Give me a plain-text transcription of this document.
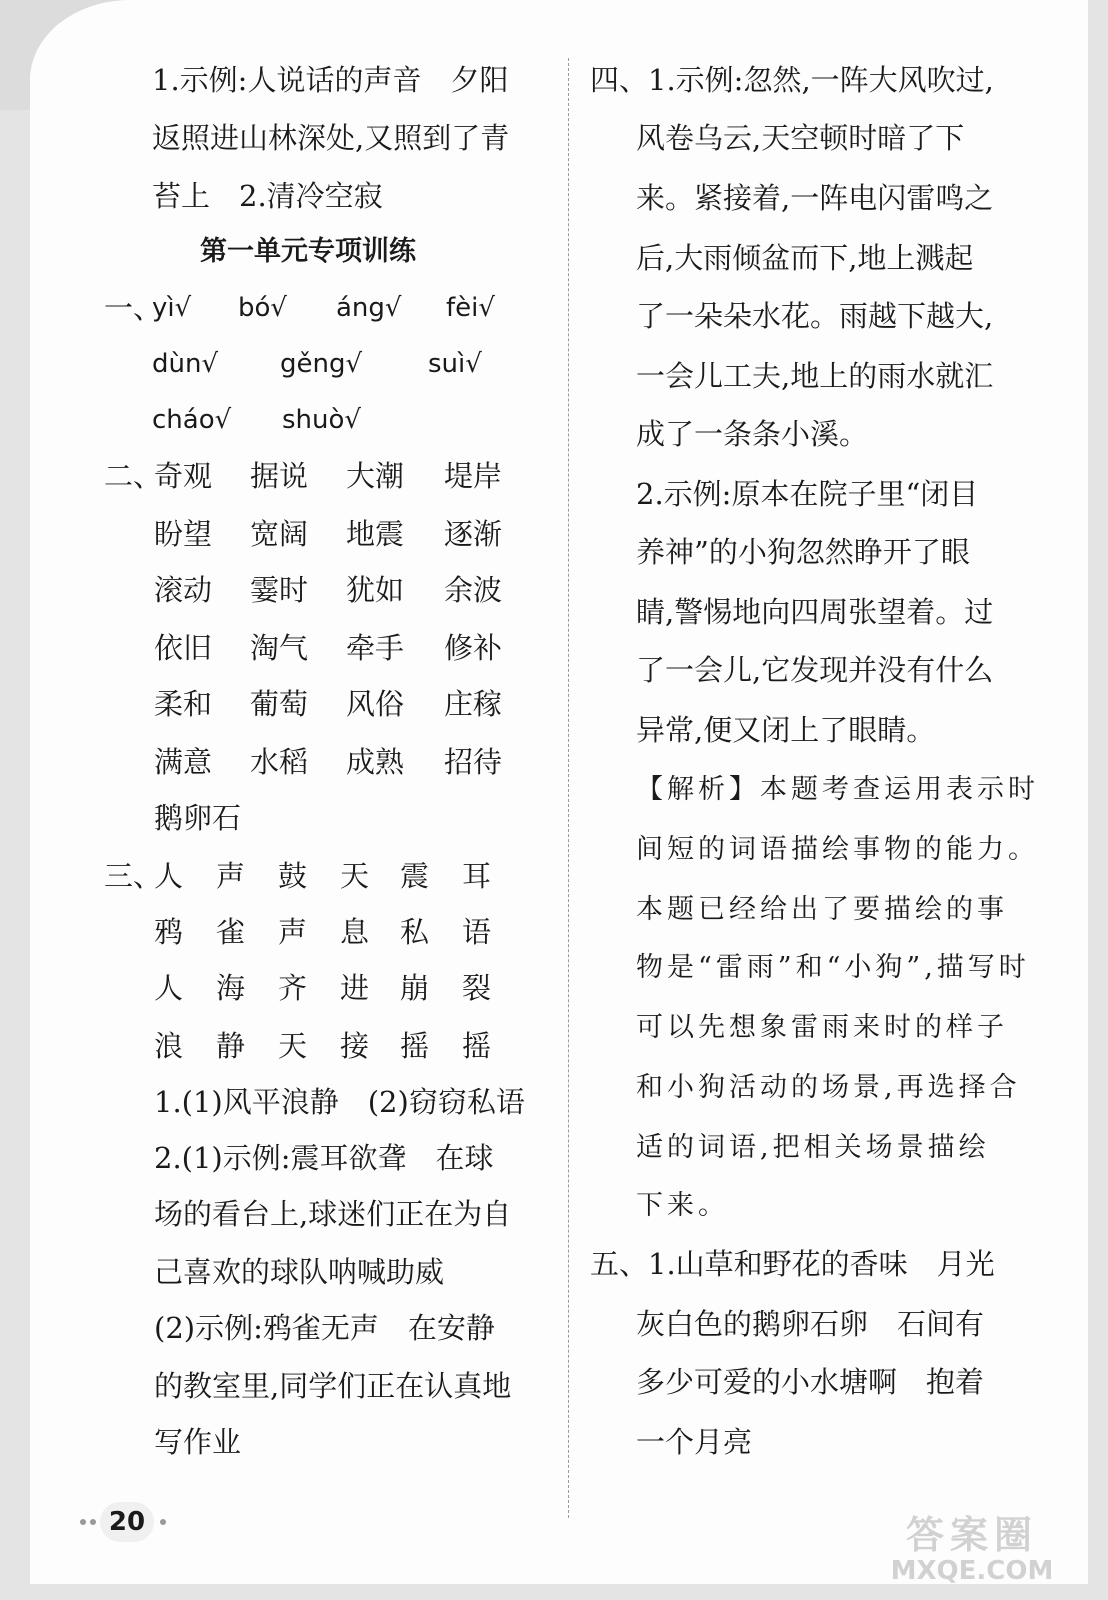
1.示例:人说话的声音　夕阳
返照进山林深处,又照到了青
苔上　2.清冷空寂
第一单元专项训练
一、
yì√ bó√ áng√ fèi√
dùn√ gěng√	suì√
cháo√ shuò√
二、
奇观 据说 大潮 堤岸
盼望 宽阔 地震 逐渐
滚动 霎时 犹如 余波
依旧 淘气 牵手 修补
柔和 葡萄 风俗 庄稼
满意 水稻 成熟 招待
鹅卵石
三、
人 声 鼓 天 震 耳
鸦 雀 声 息 私 语
人 海 齐 进 崩 裂
浪 静 天 接 摇 摇
1.(1)风平浪静　(2)窃窃私语
2.(1)示例:震耳欲聋　在球
场的看台上,球迷们正在为自
己喜欢的球队呐喊助威
(2)示例:鸦雀无声　在安静
的教室里,同学们正在认真地
写作业
四、1.示例:忽然,一阵大风吹过,
风卷乌云,天空顿时暗了下
来。紧接着,一阵电闪雷鸣之
后,大雨倾盆而下,地上溅起
了一朵朵水花。雨越下越大,
一会儿工夫,地上的雨水就汇
成了一条条小溪。
2.示例:原本在院子里“闭目
养神”的小狗忽然睁开了眼
睛,警惕地向四周张望着。过
了一会儿,它发现并没有什么
异常,便又闭上了眼睛。
【解析】本题考查运用表示时
间短的词语描绘事物的能力。
本题已经给出了要描绘的事
物是“雷雨”和“小狗”,描写时
可以先想象雷雨来时的样子
和小狗活动的场景,再选择合
适的词语,把相关场景描绘
下来。
五、1.山草和野花的香味　月光
灰白色的鹅卵石卵　石间有
多少可爱的小水塘啊　抱着
一个月亮
20	答案圈
MXQE.COM
